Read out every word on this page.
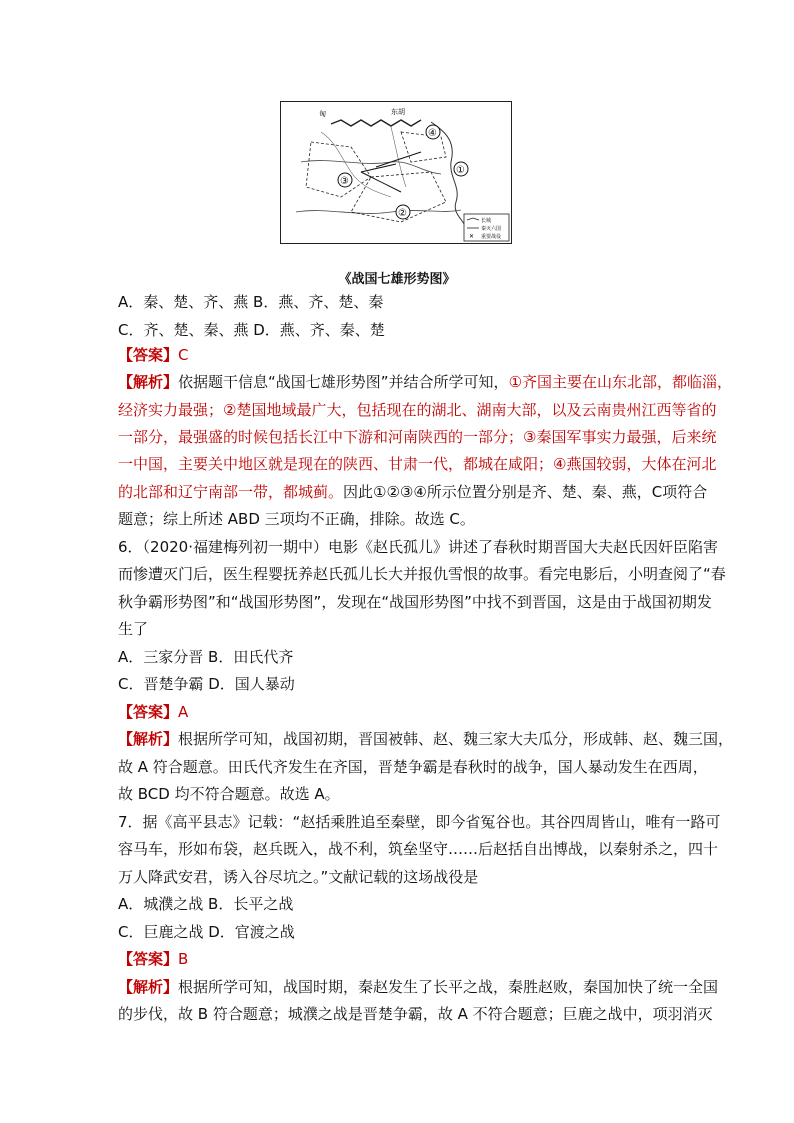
匈	东胡
④
①
③
②
长城
秦灭六国
✕ 重要战役
《战国七雄形势图》
A．秦、楚、齐、燕 B．燕、齐、楚、秦
C．齐、楚、秦、燕 D．燕、齐、秦、楚
【答案】C
【解析】依据题干信息“战国七雄形势图”并结合所学可知，①齐国主要在山东北部，都临淄，
经济实力最强；②楚国地域最广大，包括现在的湖北、湖南大部，以及云南贵州江西等省的
一部分，最强盛的时候包括长江中下游和河南陕西的一部分；③秦国军事实力最强，后来统
一中国，主要关中地区就是现在的陕西、甘肃一代，都城在咸阳；④燕国较弱，大体在河北
的北部和辽宁南部一带，都城蓟。因此①②③④所示位置分别是齐、楚、秦、燕，C项符合
题意；综上所述 ABD 三项均不正确，排除。故选 C。
6．（2020·福建梅列初一期中）电影《赵氏孤儿》讲述了春秋时期晋国大夫赵氏因奸臣陷害
而惨遭灭门后，医生程婴抚养赵氏孤儿长大并报仇雪恨的故事。看完电影后，小明查阅了“春
秋争霸形势图”和“战国形势图”，发现在“战国形势图”中找不到晋国，这是由于战国初期发
生了
A．三家分晋 B．田氏代齐
C．晋楚争霸 D．国人暴动
【答案】A
【解析】根据所学可知，战国初期，晋国被韩、赵、魏三家大夫瓜分，形成韩、赵、魏三国，
故 A 符合题意。田氏代齐发生在齐国，晋楚争霸是春秋时的战争，国人暴动发生在西周，
故 BCD 均不符合题意。故选 A。
7．据《高平县志》记载：“赵括乘胜追至秦壁，即今省冤谷也。其谷四周皆山，唯有一路可
容马车，形如布袋，赵兵既入，战不利，筑垒坚守……后赵括自出博战，以秦射杀之，四十
万人降武安君，诱入谷尽坑之。”文献记载的这场战役是
A．城濮之战 B．长平之战
C．巨鹿之战 D．官渡之战
【答案】B
【解析】根据所学可知，战国时期，秦赵发生了长平之战，秦胜赵败，秦国加快了统一全国
的步伐，故 B 符合题意；城濮之战是晋楚争霸，故 A 不符合题意；巨鹿之战中，项羽消灭
